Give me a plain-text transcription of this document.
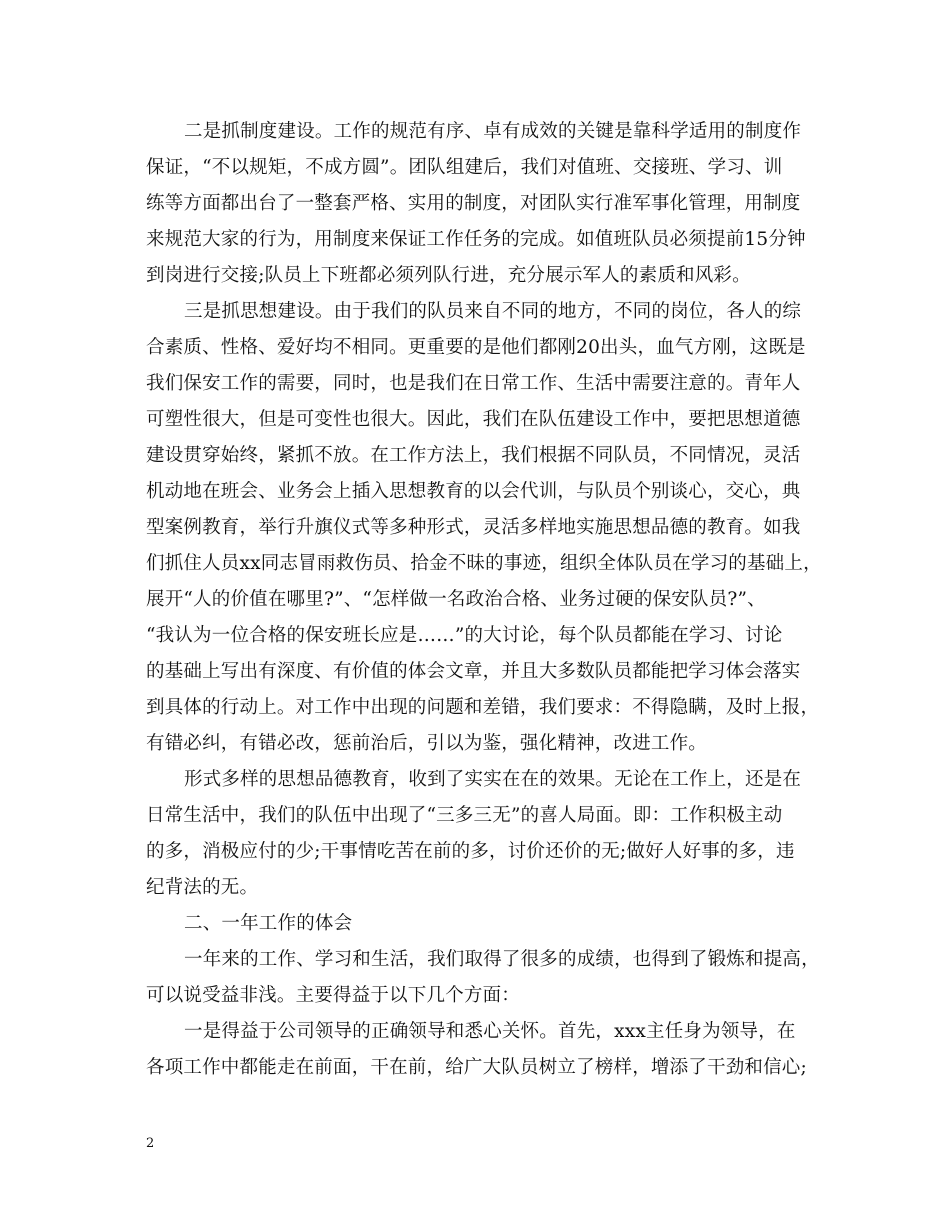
二是抓制度建设。工作的规范有序、卓有成效的关键是靠科学适用的制度作
保证，“不以规矩，不成方圆”。团队组建后，我们对值班、交接班、学习、训
练等方面都出台了一整套严格、实用的制度，对团队实行准军事化管理，用制度
来规范大家的行为，用制度来保证工作任务的完成。如值班队员必须提前15分钟
到岗进行交接;队员上下班都必须列队行进，充分展示军人的素质和风彩。
三是抓思想建设。由于我们的队员来自不同的地方，不同的岗位，各人的综
合素质、性格、爱好均不相同。更重要的是他们都刚20出头，血气方刚，这既是
我们保安工作的需要，同时，也是我们在日常工作、生活中需要注意的。青年人
可塑性很大，但是可变性也很大。因此，我们在队伍建设工作中，要把思想道德
建设贯穿始终，紧抓不放。在工作方法上，我们根据不同队员，不同情况，灵活
机动地在班会、业务会上插入思想教育的以会代训，与队员个别谈心，交心，典
型案例教育，举行升旗仪式等多种形式，灵活多样地实施思想品德的教育。如我
们抓住人员xx同志冒雨救伤员、拾金不昧的事迹，组织全体队员在学习的基础上，
展开“人的价值在哪里?”、“怎样做一名政治合格、业务过硬的保安队员?”、
“我认为一位合格的保安班长应是……”的大讨论，每个队员都能在学习、讨论
的基础上写出有深度、有价值的体会文章，并且大多数队员都能把学习体会落实
到具体的行动上。对工作中出现的问题和差错，我们要求：不得隐瞒，及时上报，
有错必纠，有错必改，惩前治后，引以为鉴，强化精神，改进工作。
形式多样的思想品德教育，收到了实实在在的效果。无论在工作上，还是在
日常生活中，我们的队伍中出现了“三多三无”的喜人局面。即：工作积极主动
的多，消极应付的少;干事情吃苦在前的多，讨价还价的无;做好人好事的多，违
纪背法的无。
二、一年工作的体会
一年来的工作、学习和生活，我们取得了很多的成绩，也得到了锻炼和提高，
可以说受益非浅。主要得益于以下几个方面：
一是得益于公司领导的正确领导和悉心关怀。首先，xxx主任身为领导，在
各项工作中都能走在前面，干在前，给广大队员树立了榜样，增添了干劲和信心;
2
